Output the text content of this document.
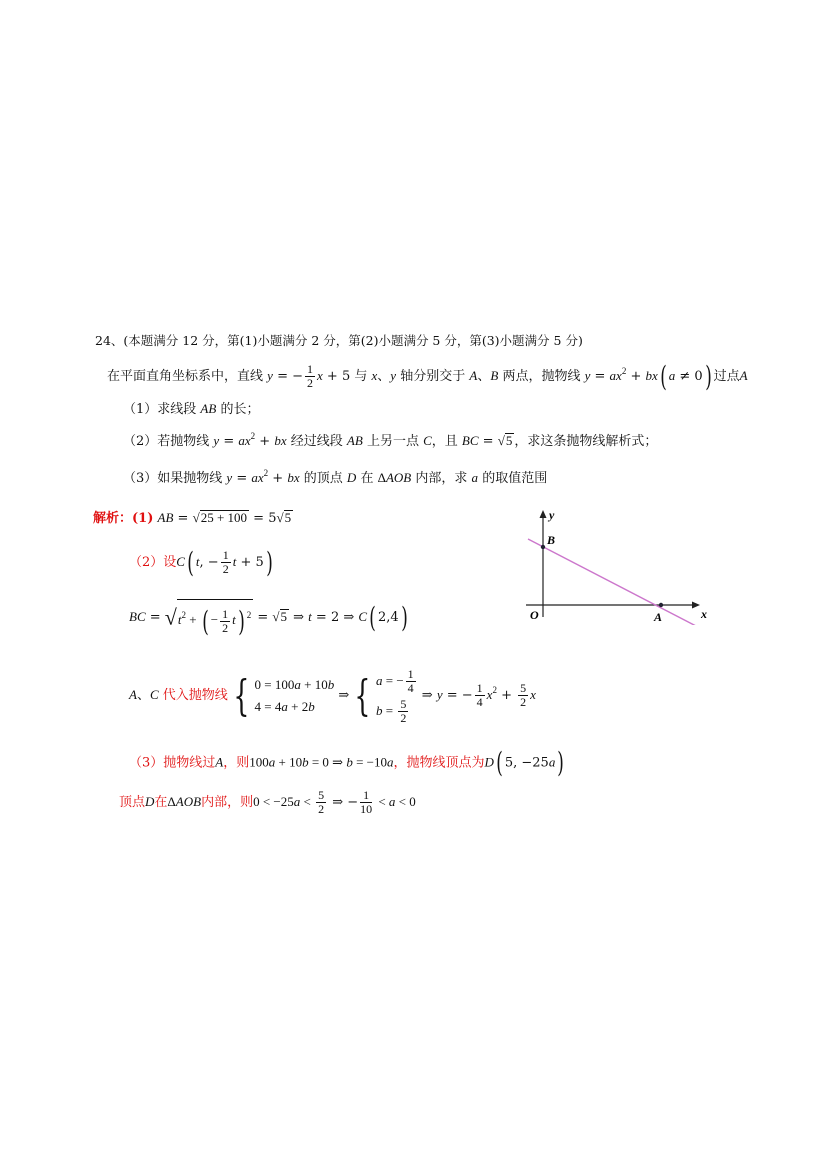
24、(本题满分 12 分，第(1)小题满分 2 分，第(2)小题满分 5 分，第(3)小题满分 5 分)
在平面直角坐标系中，直线 y = − $\frac{1}{2}$ x + 5 与 x、y 轴分别交于 A、B 两点，抛物线 $y = ax^2 + bx$( a ≠ 0) 过点A
（1）求线段 AB 的长；
（2）若抛物线 $y = ax^2$ + bx 经过线段 AB 上另一点 C，且 BC = √5 ，求这条抛物线解析式；
（3）如果抛物线 $y = ax^2$ + bx 的顶点 D 在 ΔAOB 内部，求 a 的取值范围
解析：(1) AB = √25 + 100 = 5√5
（2）设C( t, − $\frac{1}{2}$ t + 5)
BC = $√t^2$ + ( − $\frac{1}{2} t$) $^2$ = √5 ⇒ t = 2 ⇒ C( 2,4)
A、C 代入抛物线 { 0 = 100a + 10b
4 = 4a + 2b
⇒ { a = − $\frac{1}{4}$
$b = \frac{5}{2}$
⇒ y = − $\frac{1}{4} x^2 + \frac{5}{2}$ x
（3）抛物线过A，则100a + 10b = 0 ⇒ b = −10a，抛物线顶点为D( 5, −25a)
顶点D在ΔAOB内部，则$0 < -25a < \frac{5}{2}$ ⇒ − $\frac{1}{10} < a < 0$
y
x
O	A
B
